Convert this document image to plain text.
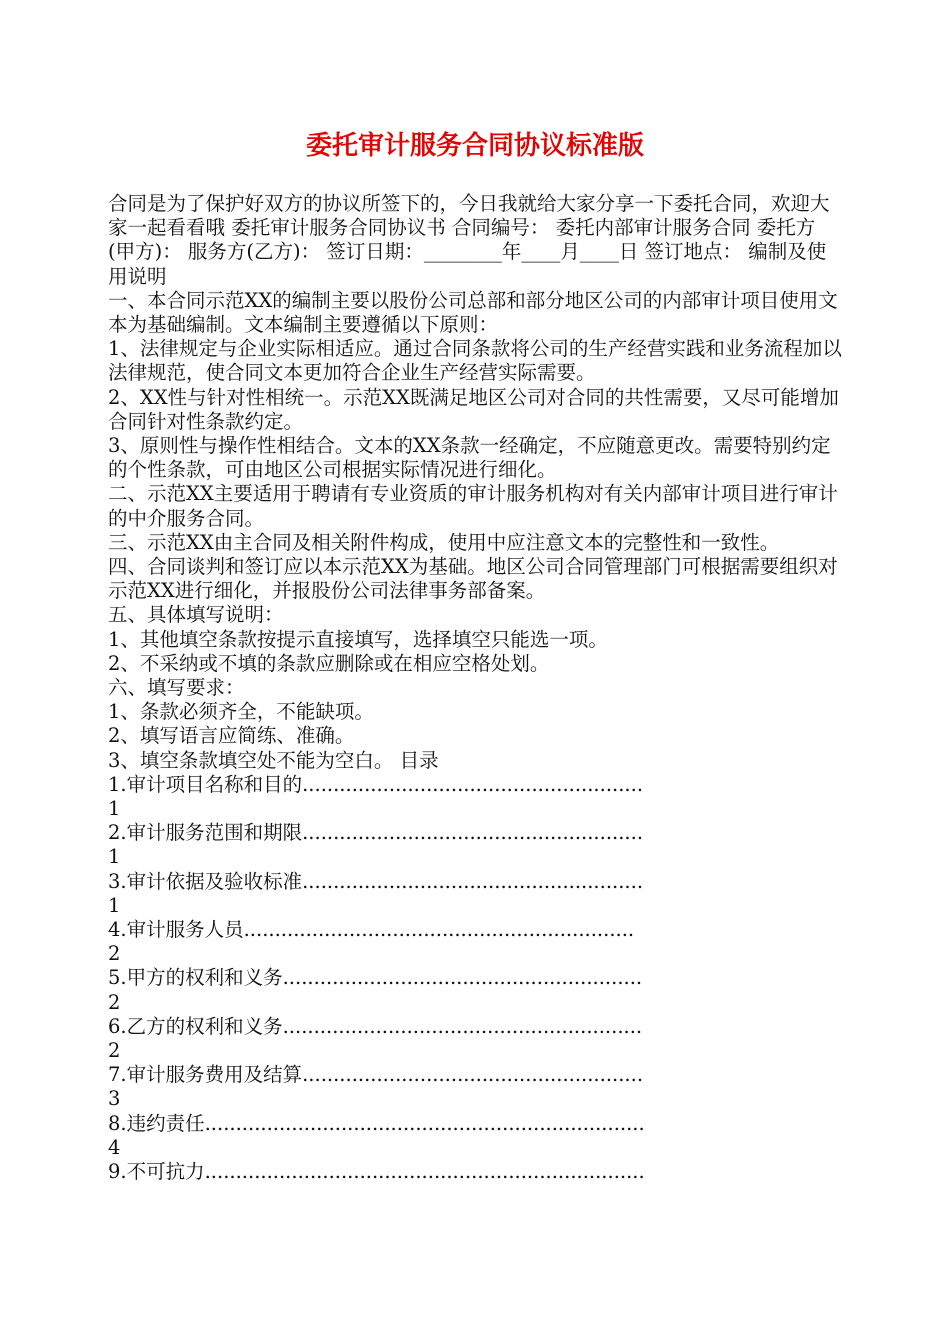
委托审计服务合同协议标准版

合同是为了保护好双方的协议所签下的，今日我就给大家分享一下委托合同，欢迎大家一起看看哦 委托审计服务合同协议书 合同编号： 委托内部审计服务合同 委托方(甲方)： 服务方(乙方)： 签订日期：________年____月____日 签订地点： 编制及使用说明

一、本合同示范XX的编制主要以股份公司总部和部分地区公司的内部审计项目使用文本为基础编制。文本编制主要遵循以下原则：

1、法律规定与企业实际相适应。通过合同条款将公司的生产经营实践和业务流程加以法律规范，使合同文本更加符合企业生产经营实际需要。

2、XX性与针对性相统一。示范XX既满足地区公司对合同的共性需要，又尽可能增加合同针对性条款约定。

3、原则性与操作性相结合。文本的XX条款一经确定，不应随意更改。需要特别约定的个性条款，可由地区公司根据实际情况进行细化。

二、示范XX主要适用于聘请有专业资质的审计服务机构对有关内部审计项目进行审计的中介服务合同。

三、示范XX由主合同及相关附件构成，使用中应注意文本的完整性和一致性。

四、合同谈判和签订应以本示范XX为基础。地区公司合同管理部门可根据需要组织对示范XX进行细化，并报股份公司法律事务部备案。

五、具体填写说明：

1、其他填空条款按提示直接填写，选择填空只能选一项。

2、不采纳或不填的条款应删除或在相应空格处划。

六、填写要求：

1、条款必须齐全，不能缺项。

2、填写语言应简练、准确。

3、填空条款填空处不能为空白。 目录

1.审计项目名称和目的.......................................................
1
2.审计服务范围和期限.......................................................
1
3.审计依据及验收标准.......................................................
1
4.审计服务人员...............................................................
2
5.甲方的权利和义务..........................................................
2
6.乙方的权利和义务..........................................................
2
7.审计服务费用及结算.......................................................
3
8.违约责任.......................................................................
4
9.不可抗力.......................................................................
